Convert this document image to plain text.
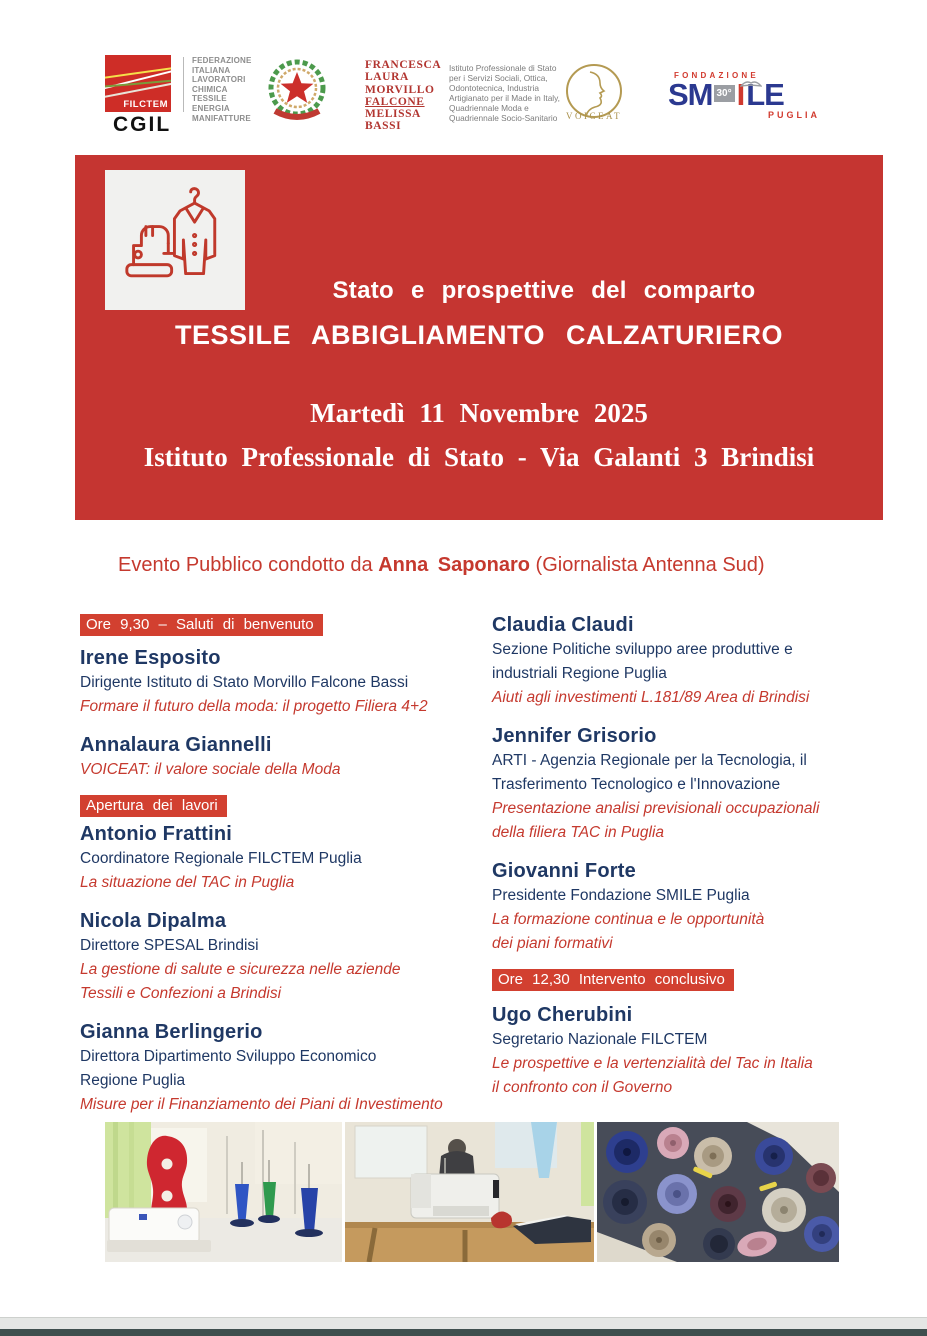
FILCTEM
CGIL
FEDERAZIONE
ITALIANA
LAVORATORI
CHIMICA
TESSILE
ENERGIA
MANIFATTURE
FRANCESCA
LAURA
MORVILLO
FALCONE
MELISSA
BASSI
Istituto Professionale di Stato
per i Servizi Sociali, Ottica,
Odontotecnica, Industria
Artigianato per il Made in Italy,
Quadriennale Moda e
Quadriennale Socio-Sanitario VOICEAT
FONDAZIONE
SM 30° I LE
PUGLIA
Stato e prospettive del comparto
TESSILE ABBIGLIAMENTO CALZATURIERO
Martedì 11 Novembre 2025
Istituto Professionale di Stato - Via Galanti 3 Brindisi
Evento Pubblico condotto da Anna Saponaro (Giornalista Antenna Sud)
Ore 9,30 – Saluti di benvenuto
Irene Esposito
Dirigente Istituto di Stato Morvillo Falcone Bassi
Formare il futuro della moda: il progetto Filiera 4+2
Annalaura Giannelli
VOICEAT: il valore sociale della Moda
Apertura dei lavori
Antonio Frattini
Coordinatore Regionale FILCTEM Puglia
La situazione del TAC in Puglia
Nicola Dipalma
Direttore SPESAL Brindisi
La gestione di salute e sicurezza nelle aziende
Tessili e Confezioni a Brindisi
Gianna Berlingerio
Direttora Dipartimento Sviluppo Economico
Regione Puglia
Misure per il Finanziamento dei Piani di Investimento
Claudia Claudi
Sezione Politiche sviluppo aree produttive e
industriali Regione Puglia
Aiuti agli investimenti L.181/89 Area di Brindisi
Jennifer Grisorio
ARTI - Agenzia Regionale per la Tecnologia, il
Trasferimento Tecnologico e l'Innovazione
Presentazione analisi previsionali occupazionali
della filiera TAC in Puglia
Giovanni Forte
Presidente Fondazione SMILE Puglia
La formazione continua e le opportunità
dei piani formativi
Ore 12,30 Intervento conclusivo
Ugo Cherubini
Segretario Nazionale FILCTEM
Le prospettive e la vertenzialità del Tac in Italia
il confronto con il Governo
